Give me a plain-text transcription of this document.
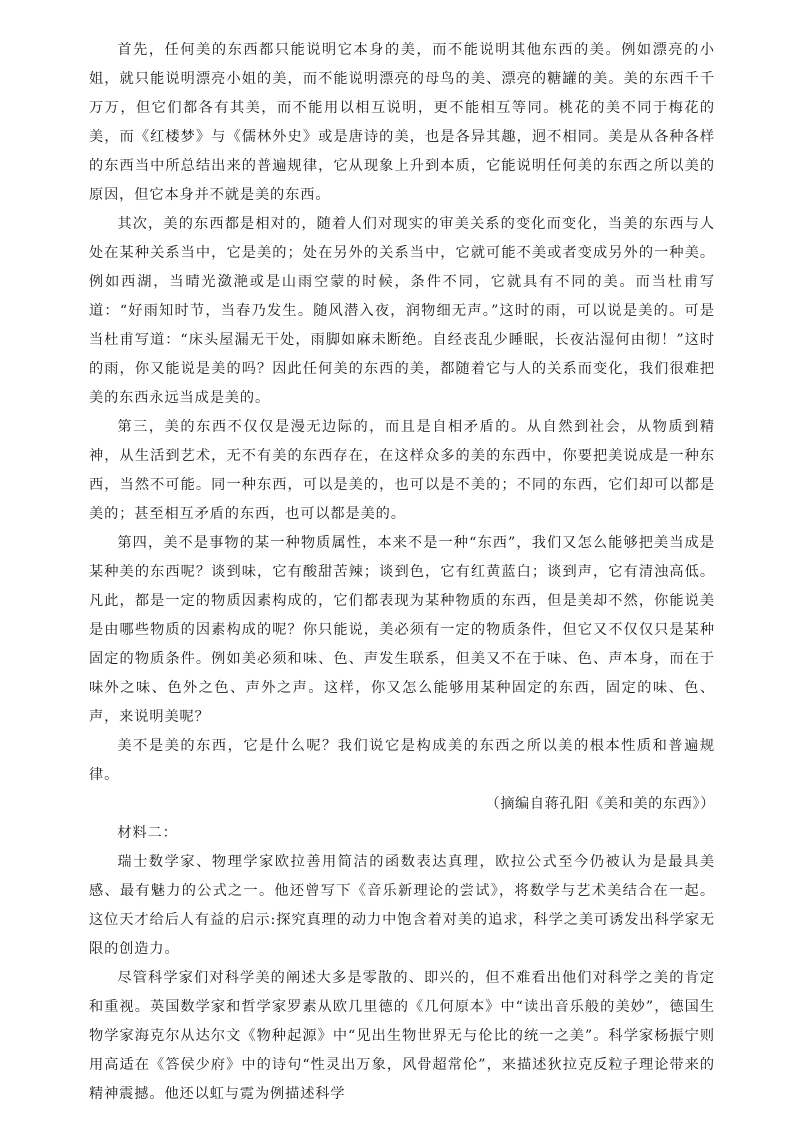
首先，任何美的东西都只能说明它本身的美，而不能说明其他东西的美。例如漂亮的小姐，就只能说明漂亮小姐的美，而不能说明漂亮的母鸟的美、漂亮的糖罐的美。美的东西千千万万，但它们都各有其美，而不能用以相互说明，更不能相互等同。桃花的美不同于梅花的美，而《红楼梦》与《儒林外史》或是唐诗的美，也是各异其趣，迥不相同。美是从各种各样的东西当中所总结出来的普遍规律，它从现象上升到本质，它能说明任何美的东西之所以美的原因，但它本身并不就是美的东西。

其次，美的东西都是相对的，随着人们对现实的审美关系的变化而变化，当美的东西与人处在某种关系当中，它是美的；处在另外的关系当中，它就可能不美或者变成另外的一种美。例如西湖，当晴光潋滟或是山雨空蒙的时候，条件不同，它就具有不同的美。而当杜甫写道：“好雨知时节，当春乃发生。随风潜入夜，润物细无声。”这时的雨，可以说是美的。可是当杜甫写道：“床头屋漏无干处，雨脚如麻未断绝。自经丧乱少睡眠，长夜沾湿何由彻！”这时的雨，你又能说是美的吗？因此任何美的东西的美，都随着它与人的关系而变化，我们很难把美的东西永远当成是美的。

第三，美的东西不仅仅是漫无边际的，而且是自相矛盾的。从自然到社会，从物质到精神，从生活到艺术，无不有美的东西存在，在这样众多的美的东西中，你要把美说成是一种东西，当然不可能。同一种东西，可以是美的，也可以是不美的；不同的东西，它们却可以都是美的；甚至相互矛盾的东西，也可以都是美的。

第四，美不是事物的某一种物质属性，本来不是一种“东西”，我们又怎么能够把美当成是某种美的东西呢？谈到味，它有酸甜苦辣；谈到色，它有红黄蓝白；谈到声，它有清浊高低。凡此，都是一定的物质因素构成的，它们都表现为某种物质的东西，但是美却不然，你能说美是由哪些物质的因素构成的呢？你只能说，美必须有一定的物质条件，但它又不仅仅只是某种固定的物质条件。例如美必须和味、色、声发生联系，但美又不在于味、色、声本身，而在于味外之味、色外之色、声外之声。这样，你又怎么能够用某种固定的东西，固定的味、色、声，来说明美呢？

美不是美的东西，它是什么呢？我们说它是构成美的东西之所以美的根本性质和普遍规律。

（摘编自蒋孔阳《美和美的东西》）

材料二：

瑞士数学家、物理学家欧拉善用简洁的函数表达真理，欧拉公式至今仍被认为是最具美感、最有魅力的公式之一。他还曾写下《音乐新理论的尝试》，将数学与艺术美结合在一起。这位天才给后人有益的启示:探究真理的动力中饱含着对美的追求，科学之美可诱发出科学家无限的创造力。

尽管科学家们对科学美的阐述大多是零散的、即兴的，但不难看出他们对科学之美的肯定和重视。英国数学家和哲学家罗素从欧几里德的《几何原本》中“读出音乐般的美妙”，德国生物学家海克尔从达尔文《物种起源》中“见出生物世界无与伦比的统一之美”。科学家杨振宁则用高适在《答侯少府》中的诗句“性灵出万象，风骨超常伦”，来描述狄拉克反粒子理论带来的精神震撼。他还以虹与霓为例描述科学
